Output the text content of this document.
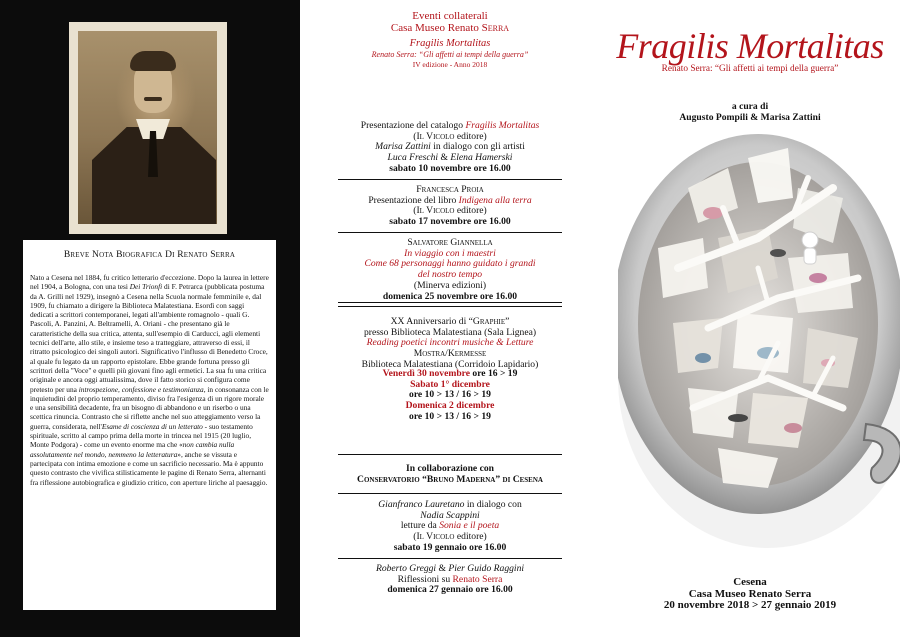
Breve Nota Biografica Di Renato Serra

Nato a Cesena nel 1884, fu critico letterario d'eccezione. Dopo la laurea in lettere nel 1904, a Bologna, con una tesi Dei Trionfi di F. Petrarca (pubblicata postuma da A. Grilli nel 1929), insegnò a Cesena nella Scuola normale femminile e, dal 1909, fu chiamato a dirigere la Biblioteca Malatestiana. Esordì con saggi dedicati a scrittori contemporanei, legati all'ambiente romagnolo - quali G. Pascoli, A. Panzini, A. Beltramelli, A. Oriani - che presentano già le caratteristiche della sua critica, attenta, sull'esempio di Carducci, agli elementi tecnici dell'arte, allo stile, e insieme teso a tratteggiare, attraverso di essi, il ritratto psicologico dei singoli autori. Significativo l'influsso di Benedetto Croce, al quale fu legato da un rapporto epistolare. Ebbe grande fortuna presso gli scrittori della "Voce" e quelli più giovani fino agli ermetici. La sua fu una critica originale e ancora oggi attualissima, dove il fatto storico si configura come pretesto per una introspezione, confessione e testimonianza, in consonanza con le inquietudini del proprio temperamento, diviso fra l'esigenza di un rigore morale e una sensibilità decadente, fra un bisogno di abbandono e un riserbo o una scettica rinuncia. Contrasto che si riflette anche nel suo atteggiamento verso la guerra, considerata, nell'Esame di coscienza di un letterato - suo testamento spirituale, scritto al campo prima della morte in trincea nel 1915 (20 luglio, Monte Podgora) - come un evento enorme ma che «non cambia nulla assolutamente nel mondo, nemmeno la letteratura», anche se vissuta e partecipata con intima emozione e come un sacrificio necessario. Ma è appunto questo contrasto che vivifica stilisticamente le pagine di Renato Serra, alternanti fra riflessione autobiografica e giudizio critico, con aperture liriche al paesaggio.

Eventi collaterali
Casa Museo Renato Serra
Fragilis Mortalitas
Renato Serra: “Gli affetti ai tempi della guerra”
IV edizione - Anno 2018
Presentazione del catalogo Fragilis Mortalitas
(Il Vicolo editore)
Marisa Zattini in dialogo con gli artisti
Luca Freschi & Elena Hamerski
sabato 10 novembre ore 16.00
Francesca Proia
Presentazione del libro Indigena alla terra
(Il Vicolo editore)
sabato 17 novembre ore 16.00
Salvatore Giannella
In viaggio con i maestri
Come 68 personaggi hanno guidato i grandi
del nostro tempo
(Minerva edizioni)
domenica 25 novembre ore 16.00
XX Anniversario di “Graphie”
presso Biblioteca Malatestiana (Sala Lignea)
Reading poetici incontri musiche & Letture
Mostra/Kermesse
Biblioteca Malatestiana (Corridoio Lapidario)
Venerdì 30 novembre ore 16 > 19
Sabato 1° dicembre
ore 10 > 13 / 16 > 19
Domenica 2 dicembre
ore 10 > 13 / 16 > 19
In collaborazione con
Conservatorio “Bruno Maderna” di Cesena
Gianfranco Lauretano in dialogo con
Nadia Scappini
letture da Sonia e il poeta
(Il Vicolo editore)
sabato 19 gennaio ore 16.00
Roberto Greggi & Pier Guido Raggini
Riflessioni su Renato Serra
domenica 27 gennaio ore 16.00
Fragilis Mortalitas
Renato Serra: “Gli affetti ai tempi della guerra”
a cura di
Augusto Pompili & Marisa Zattini
Cesena
Casa Museo Renato Serra
20 novembre 2018 > 27 gennaio 2019
